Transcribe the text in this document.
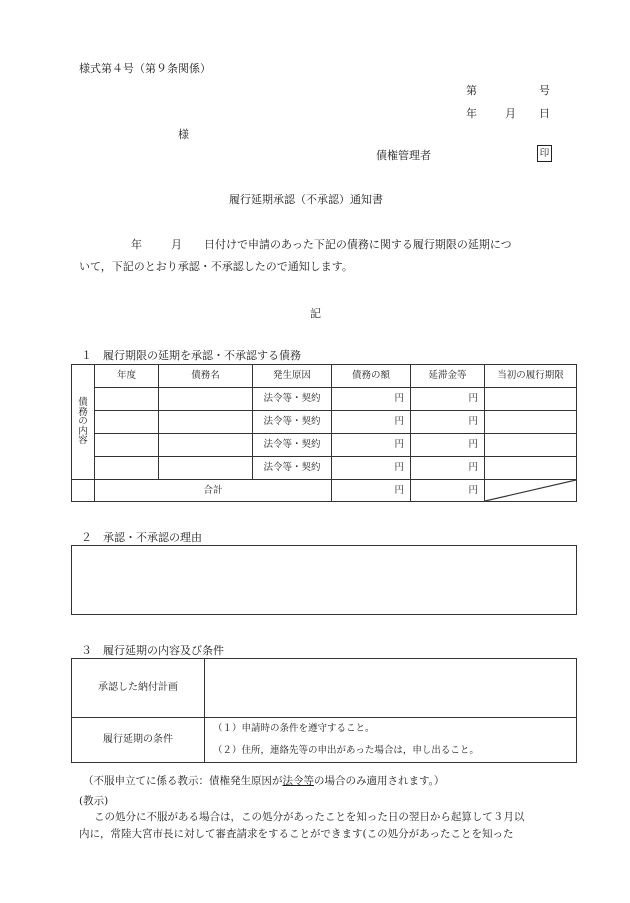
様式第４号（第９条関係）
第	号
年	月 日
様
債権管理者	印
履行延期承認（不承認）通知書
年	月 日付けで申請のあった下記の債務に関する履行期限の延期につ
いて，下記のとおり承認・不承認したので通知します。
記
１　履行期限の延期を承認・不承認する債務
債
務
の
内
容	年度	債務名	発生原因	債務の額	延滞金等	当初の履行期限
			法令等・契約	円	円	
			法令等・契約	円	円	
			法令等・契約	円	円	
			法令等・契約	円	円	
	合計			円	円	
２　承認・不承認の理由
３　履行延期の内容及び条件
承認した納付計画	
履行延期の条件	（１）申請時の条件を遵守すること。
（２）住所，連絡先等の申出があった場合は，申し出ること。
（不服申立てに係る教示：債権発生原因が法令等の場合のみ適用されます。）
(教示)
この処分に不服がある場合は，この処分があったことを知った日の翌日から起算して３月以
内に，常陸大宮市長に対して審査請求をすることができます(この処分があったことを知った
